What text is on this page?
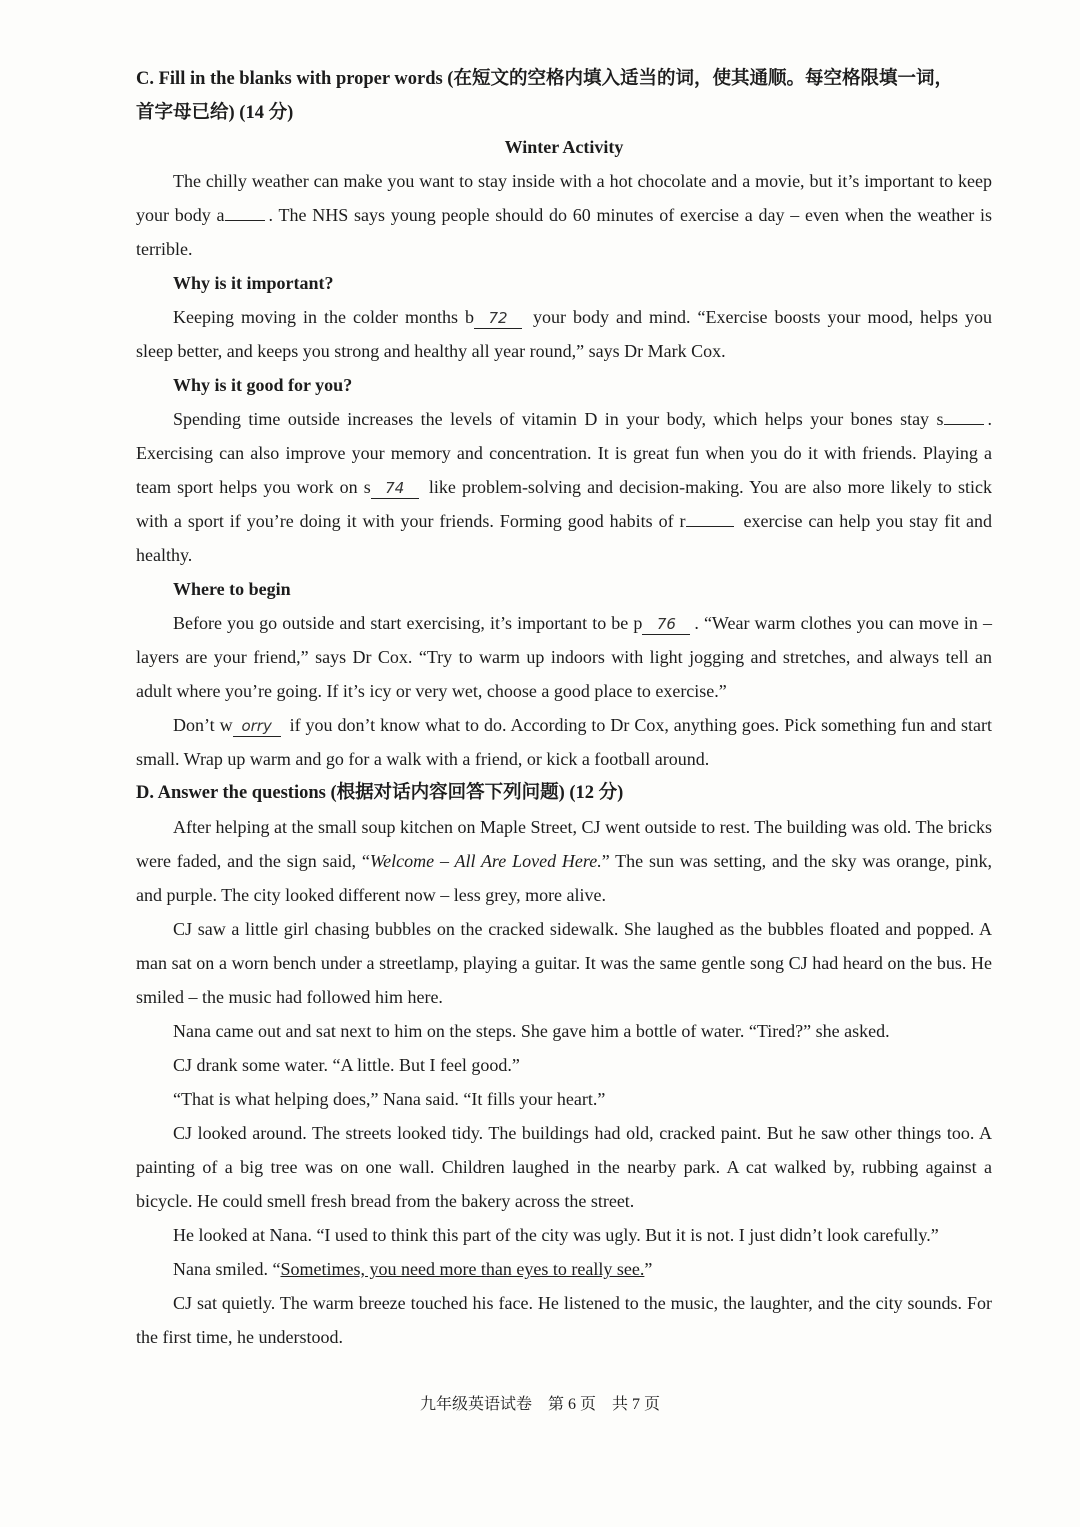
C. Fill in the blanks with proper words (在短文的空格内填入适当的词，使其通顺。每空格限填一词，
首字母已给) (14 分)

Winter Activity

The chilly weather can make you want to stay inside with a hot chocolate and a movie, but it’s important to keep your body a . The NHS says young people should do 60 minutes of exercise a day – even when the weather is terrible.

Why is it important?

Keeping moving in the colder months b 72 your body and mind. “Exercise boosts your mood, helps you sleep better, and keeps you strong and healthy all year round,” says Dr Mark Cox.

Why is it good for you?

Spending time outside increases the levels of vitamin D in your body, which helps your bones stay s . Exercising can also improve your memory and concentration. It is great fun when you do it with friends. Playing a team sport helps you work on s 74 like problem-solving and decision-making. You are also more likely to stick with a sport if you’re doing it with your friends. Forming good habits of r	exercise can help you stay fit and healthy.

Where to begin

Before you go outside and start exercising, it’s important to be p 76 . “Wear warm clothes you can move in – layers are your friend,” says Dr Cox. “Try to warm up indoors with light jogging and stretches, and always tell an adult where you’re going. If it’s icy or very wet, choose a good place to exercise.”

Don’t w orry if you don’t know what to do. According to Dr Cox, anything goes. Pick something fun and start small. Wrap up warm and go for a walk with a friend, or kick a football around.

D. Answer the questions (根据对话内容回答下列问题) (12 分)

After helping at the small soup kitchen on Maple Street, CJ went outside to rest. The building was old. The bricks were faded, and the sign said, “Welcome – All Are Loved Here.” The sun was setting, and the sky was orange, pink, and purple. The city looked different now – less grey, more alive.

CJ saw a little girl chasing bubbles on the cracked sidewalk. She laughed as the bubbles floated and popped. A man sat on a worn bench under a streetlamp, playing a guitar. It was the same gentle song CJ had heard on the bus. He smiled – the music had followed him here.

Nana came out and sat next to him on the steps. She gave him a bottle of water. “Tired?” she asked.

CJ drank some water. “A little. But I feel good.”

“That is what helping does,” Nana said. “It fills your heart.”

CJ looked around. The streets looked tidy. The buildings had old, cracked paint. But he saw other things too. A painting of a big tree was on one wall. Children laughed in the nearby park. A cat walked by, rubbing against a bicycle. He could smell fresh bread from the bakery across the street.

He looked at Nana. “I used to think this part of the city was ugly. But it is not. I just didn’t look carefully.”

Nana smiled. “Sometimes, you need more than eyes to really see.”

CJ sat quietly. The warm breeze touched his face. He listened to the music, the laughter, and the city sounds. For the first time, he understood.

九年级英语试卷　第 6 页　共 7 页
